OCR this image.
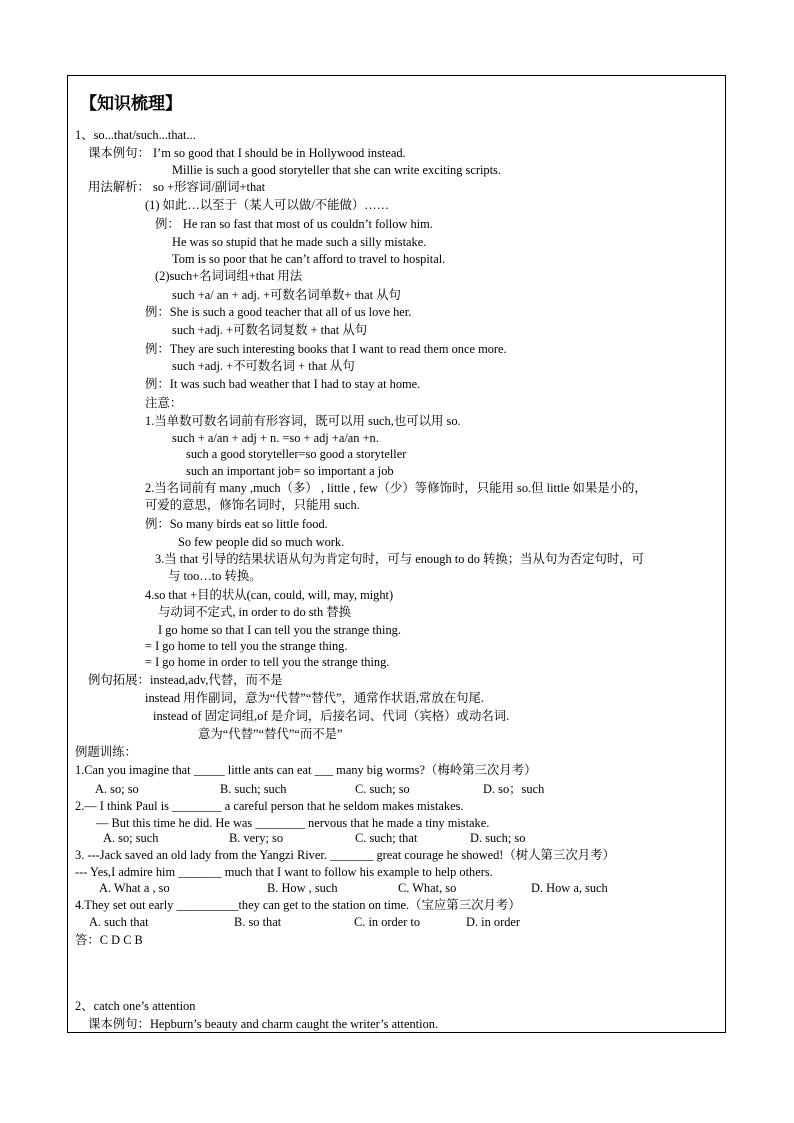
【知识梳理】
1、so...that/such...that...
课本例句： I’m so good that I should be in Hollywood instead.
Millie is such a good storyteller that she can write exciting scripts.
用法解析： so +形容词/副词+that
(1) 如此…以至于（某人可以做/不能做）……
例： He ran so fast that most of us couldn’t follow him.
He was so stupid that he made such a silly mistake.
Tom is so poor that he can’t afford to travel to hospital.
(2)such+名词词组+that 用法
such +a/ an + adj. +可数名词单数+ that 从句
例：She is such a good teacher that all of us love her.
such +adj. +可数名词复数 + that 从句
例：They are such interesting books that I want to read them once more.
such +adj. +不可数名词 + that 从句
例：It was such bad weather that I had to stay at home.
注意：
1.当单数可数名词前有形容词，既可以用 such,也可以用 so.
such + a/an + adj + n. =so + adj +a/an +n.
such a good storyteller=so good a storyteller
such an important job= so important a job
2.当名词前有 many ,much（多） , little , few（少）等修饰时，只能用 so.但 little 如果是小的，
可爱的意思，修饰名词时，只能用 such.
例：So many birds eat so little food.
So few people did so much work.
3.当 that 引导的结果状语从句为肯定句时，可与 enough to do 转换；当从句为否定句时，可
与 too…to 转换。
4.so that +目的状从(can, could, will, may, might)
与动词不定式, in order to do sth 替换
I go home so that I can tell you the strange thing.
= I go home to tell you the strange thing.
= I go home in order to tell you the strange thing.
例句拓展：instead,adv,代替，而不是
instead 用作副词，意为“代替”“替代”，通常作状语,常放在句尾.
instead of 固定词组,of 是介词，后接名词、代词（宾格）或动名词.
意为“代替”“替代”“而不是”
例题训练：
1.Can you imagine that _____ little ants can eat ___ many big worms?（梅岭第三次月考）
A. so; so	B. such; such	C. such; so	D. so；such
2.— I think Paul is ________ a careful person that he seldom makes mistakes.
— But this time he did. He was ________ nervous that he made a tiny mistake.
A. so; such	B. very; so	C. such; that	D. such; so
3. ---Jack saved an old lady from the Yangzi River. _______ great courage he showed!（树人第三次月考）
--- Yes,I admire him _______ much that I want to follow his example to help others.
A. What a , so	B. How , such	C. What, so	D. How a, such
4.They set out early __________they can get to the station on time.（宝应第三次月考）
A. such that	B. so that	C. in order to	D. in order
答：C D C B
2、catch one’s attention
课本例句：Hepburn’s beauty and charm caught the writer’s attention.
